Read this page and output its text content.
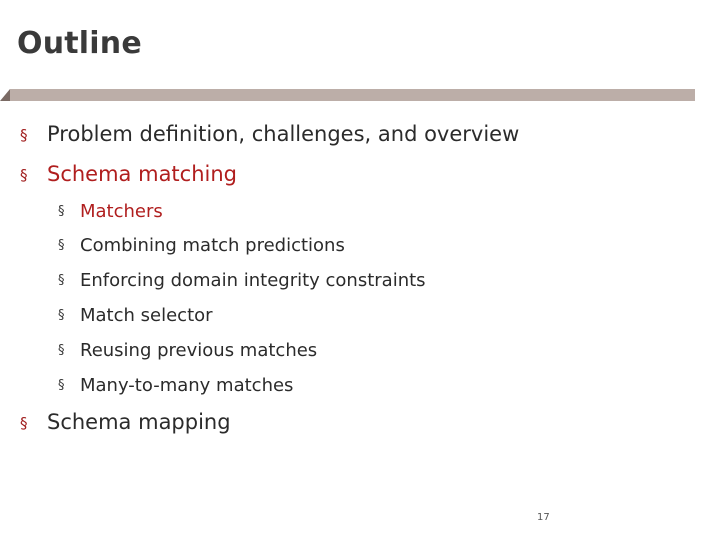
Outline
§ Problem definition, challenges, and overview
§ Schema matching
§ Matchers
§ Combining match predictions
§ Enforcing domain integrity constraints
§ Match selector
§ Reusing previous matches
§ Many-to-many matches
§ Schema mapping
17
